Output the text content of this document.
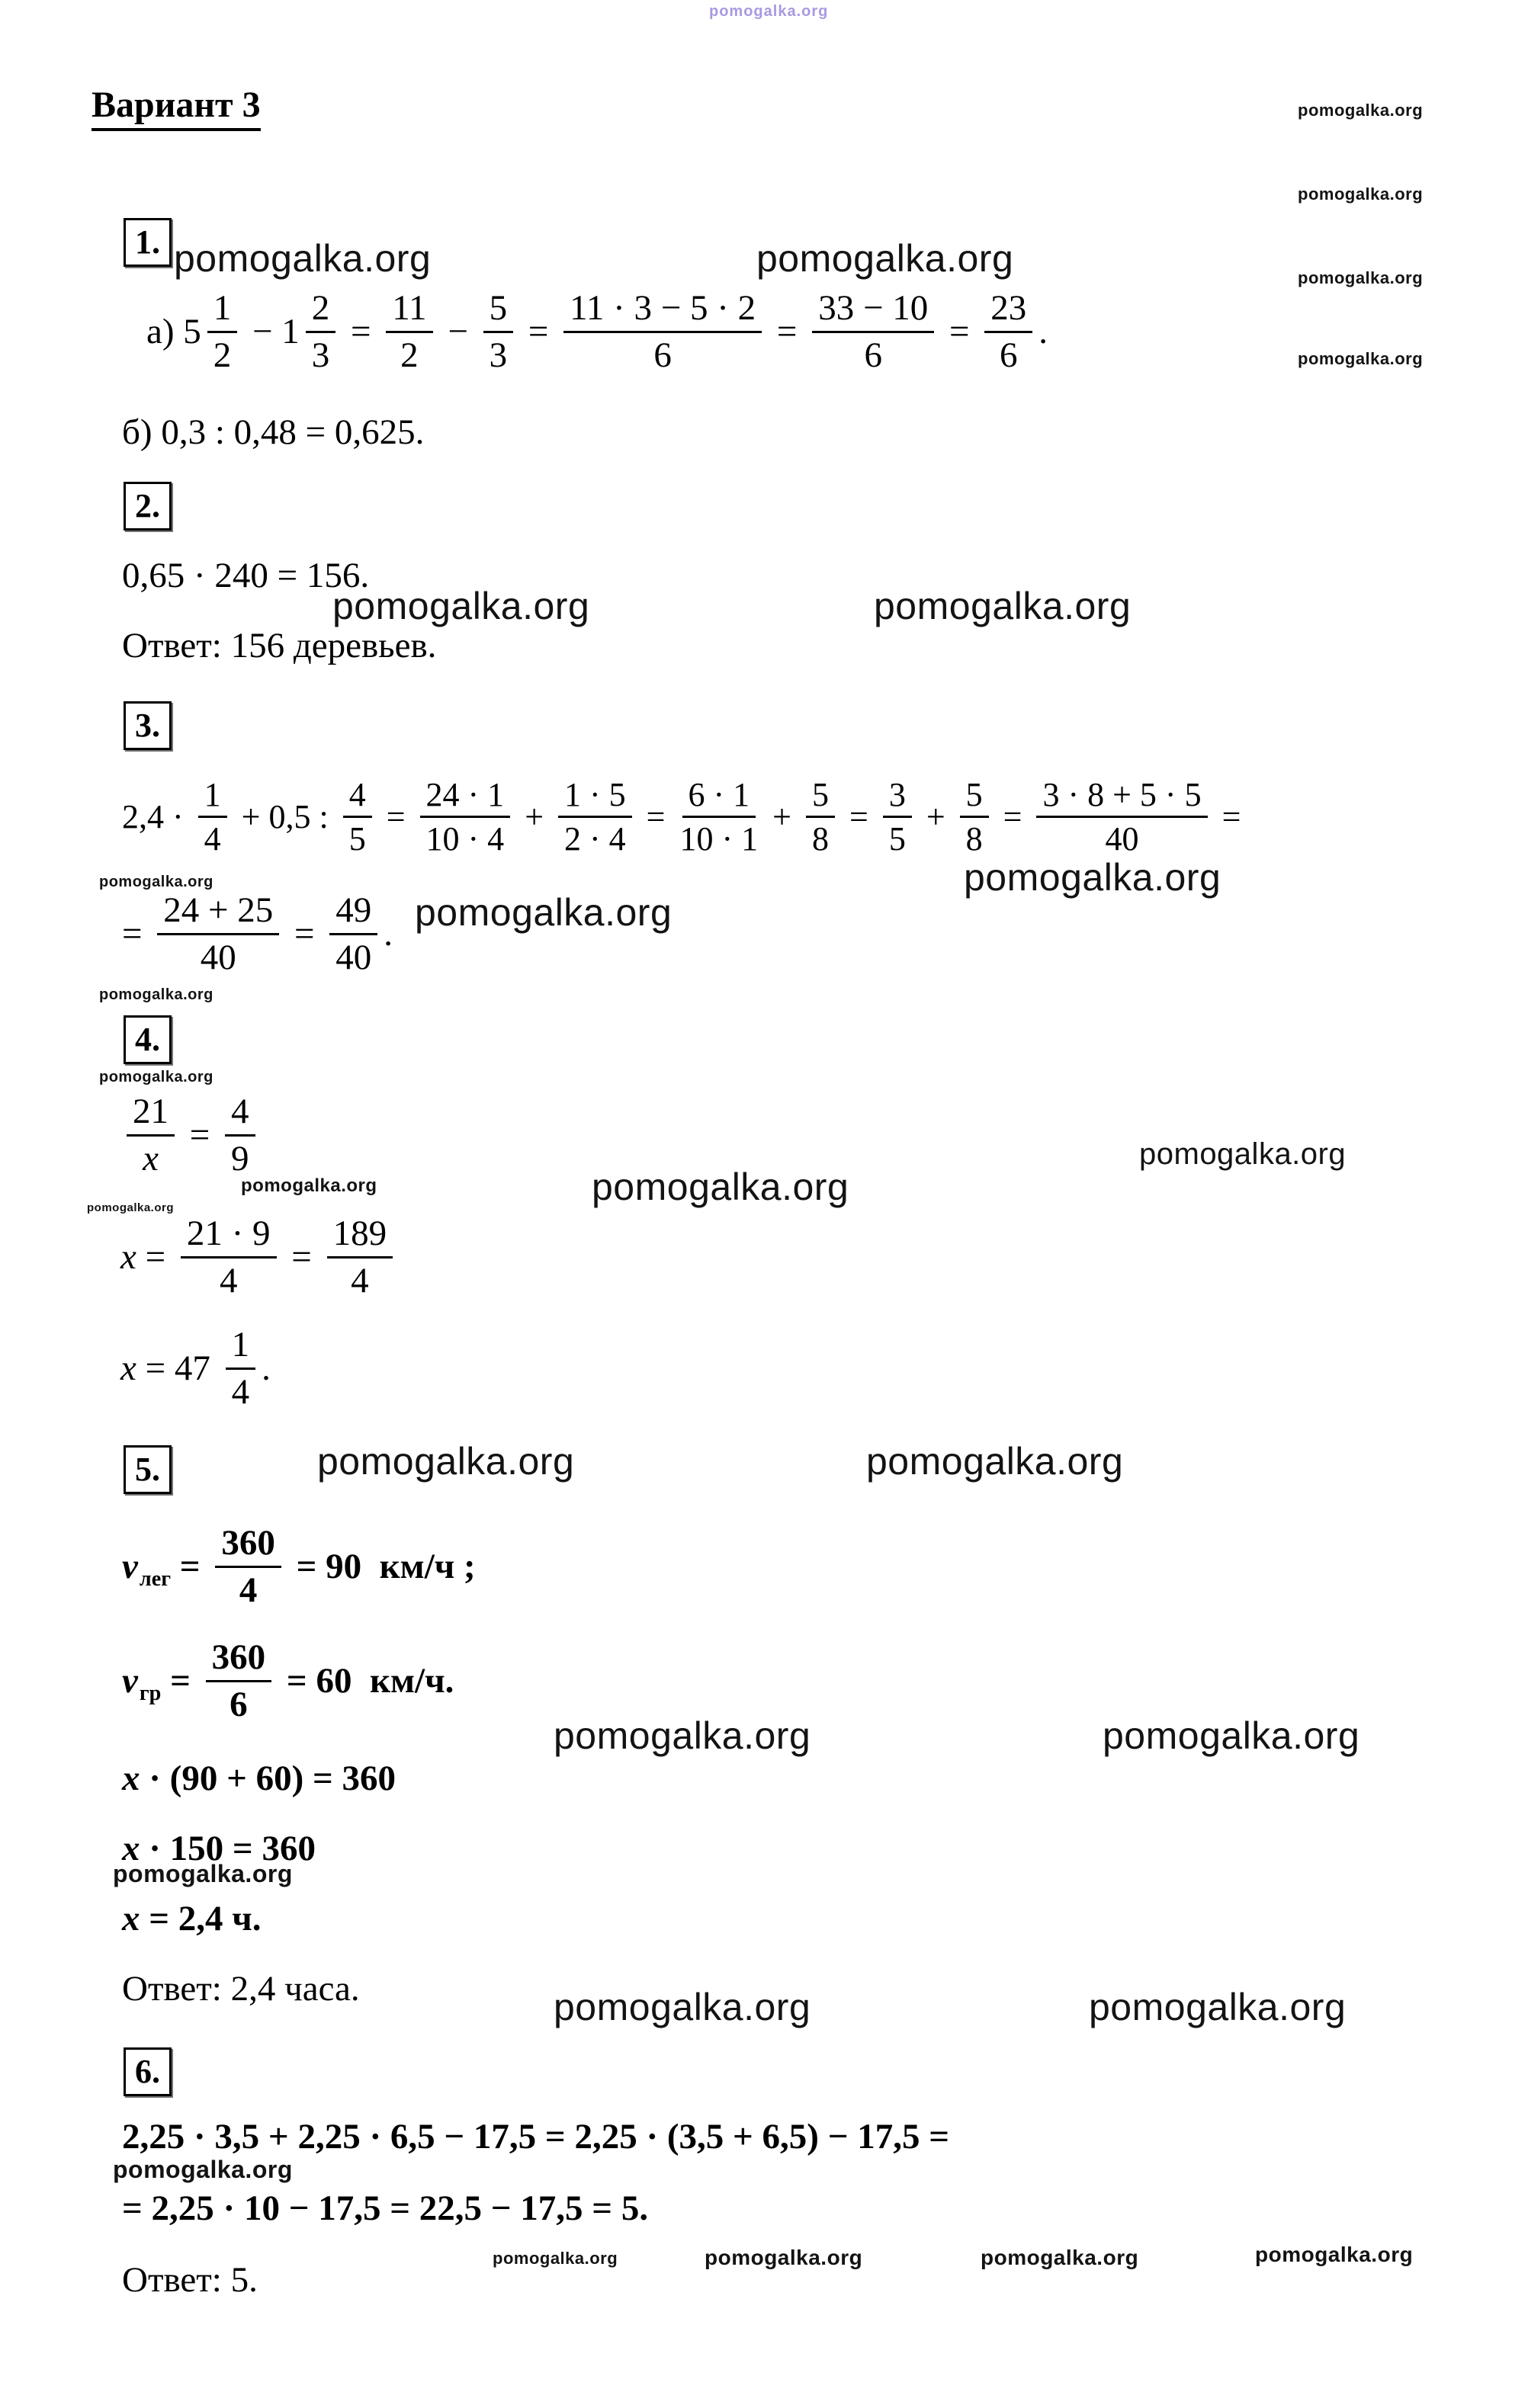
pomogalka.org
pomogalka.org
pomogalka.org
pomogalka.org
pomogalka.org
pomogalka.org	pomogalka.org
pomogalka.org	pomogalka.org
pomogalka.org	pomogalka.org
pomogalka.org
pomogalka.org
pomogalka.org
pomogalka.org
pomogalka.org	pomogalka.org
pomogalka.org
pomogalka.org	pomogalka.org
pomogalka.org	pomogalka.org
pomogalka.org
pomogalka.org	pomogalka.org
pomogalka.org
pomogalka.org	pomogalka.org	pomogalka.org	pomogalka.org
Вариант 3
1.
2.
3.
4.
5.
6.
а) $5 \frac{1}{2} - 1 \frac{2}{3} = \frac{11}{2} - \frac{5}{3} = \frac{11 \cdot 3 - 5 \cdot 2}{6} = \frac{33 - 10}{6} = \frac{23}{6}$ .
б) 0,3 : 0,48 = 0,625.
0,65 · 240 = 156.
Ответ: 156 деревьев.
$2,4 \cdot \frac{1}{4} + 0,5$ : $\frac{4}{5} = \frac{24 \cdot 1}{10 \cdot 4} + \frac{1 \cdot 5}{2 \cdot 4} = \frac{6 \cdot 1}{10 \cdot 1} + \frac{5}{8} = \frac{3}{5} + \frac{5}{8} = \frac{3 \cdot 8 + 5 \cdot 5}{40}$ =
= $\frac{24 + 25}{40} = \frac{49}{40}$ .
$\frac{21}{x} = \frac{4}{9}$
$x = \frac{21 \cdot 9}{4} = \frac{189}{4}$
$x = 47 \frac{1}{4}$ .
v лег = $\frac{360}{4} = 90$  км/ч ;
v гр = $\frac{360}{6} = 60$  км/ч.
x · (90 + 60) = 360
x · 150 = 360
x = 2,4 ч.
Ответ: 2,4 часа.
2,25 · 3,5 + 2,25 · 6,5 − 17,5 = 2,25 · (3,5 + 6,5) − 17,5 =
= 2,25 · 10 − 17,5 = 22,5 − 17,5 = 5.
Ответ: 5.
